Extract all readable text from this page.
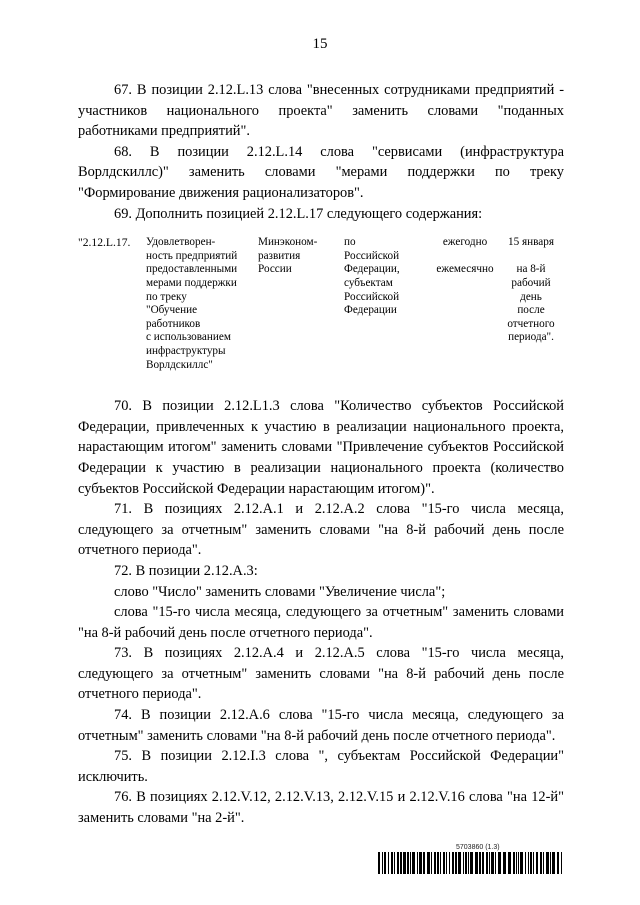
15

67. В позиции 2.12.L.13 слова "внесенных сотрудниками предприятий - участников национального проекта" заменить словами "поданных работниками предприятий".

68. В позиции 2.12.L.14 слова "сервисами (инфраструктура Ворлдскиллс)" заменить словами "мерами поддержки по треку "Формирование движения рационализаторов".

69. Дополнить позицией 2.12.L.17 следующего содержания:

"2.12.L.17.	Удовлетворен-
ность предприятий
предоставленными
мерами поддержки
по треку
"Обучение
работников
с использованием
инфраструктуры
Ворлдскиллс"
Минэконом-
развития
России
по
Российской
Федерации,
субъектам
Российской
Федерации
ежегодно

ежемесячно
15 января

на 8-й
рабочий
день
после
отчетного
периода".

70. В позиции 2.12.L1.3 слова "Количество субъектов Российской Федерации, привлеченных к участию в реализации национального проекта, нарастающим итогом" заменить словами "Привлечение субъектов Российской Федерации к участию в реализации национального проекта (количество субъектов Российской Федерации нарастающим итогом)".

71. В позициях 2.12.A.1 и 2.12.A.2 слова "15-го числа месяца, следующего за отчетным" заменить словами "на 8-й рабочий день после отчетного периода".

72. В позиции 2.12.A.3:

слово "Число" заменить словами "Увеличение числа";

слова "15-го числа месяца, следующего за отчетным" заменить словами "на 8-й рабочий день после отчетного периода".

73. В позициях 2.12.A.4 и 2.12.A.5 слова "15-го числа месяца, следующего за отчетным" заменить словами "на 8-й рабочий день после отчетного периода".

74. В позиции 2.12.A.6 слова "15-го числа месяца, следующего за отчетным" заменить словами "на 8-й рабочий день после отчетного периода".

75. В позиции 2.12.I.3 слова ", субъектам Российской Федерации" исключить.

76. В позициях 2.12.V.12, 2.12.V.13, 2.12.V.15 и 2.12.V.16 слова "на 12-й" заменить словами "на 2-й".

5703860 (1.3)
